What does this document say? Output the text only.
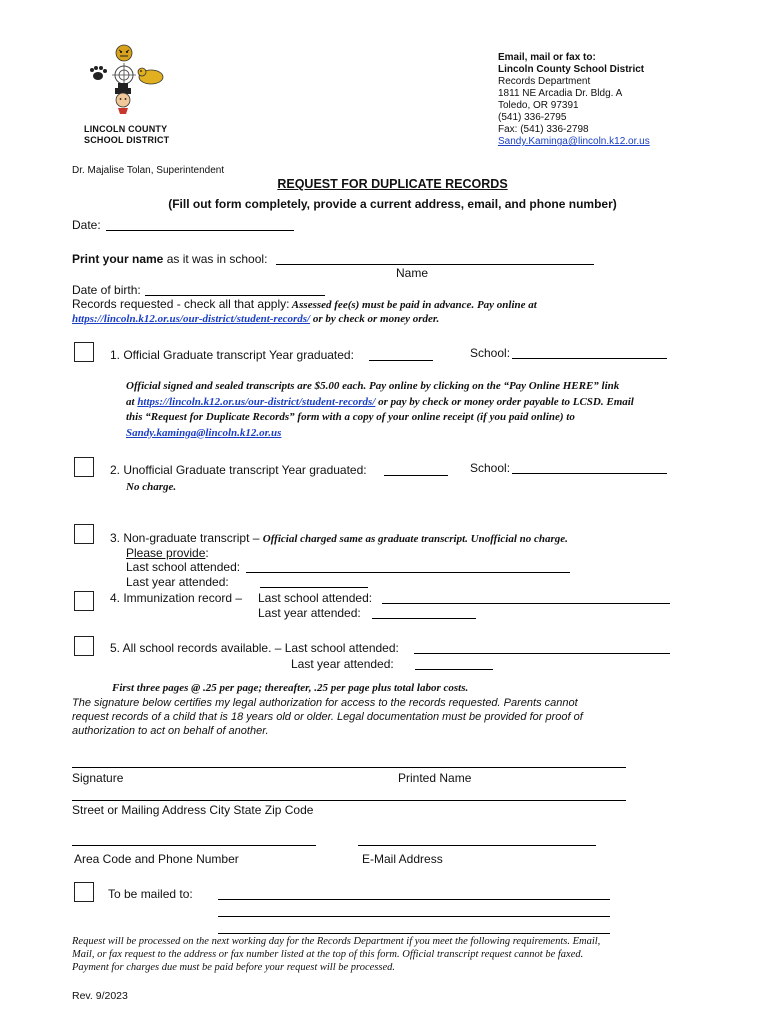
LINCOLN COUNTY
SCHOOL DISTRICT
Email, mail or fax to:
Lincoln County School District
Records Department
1811 NE Arcadia Dr. Bldg. A
Toledo, OR 97391
(541) 336-2795
Fax: (541) 336-2798
Sandy.Kaminga@lincoln.k12.or.us
Dr. Majalise Tolan, Superintendent
REQUEST FOR DUPLICATE RECORDS
(Fill out form completely, provide a current address, email, and phone number)
Date:
Print your name as it was in school:
Name
Date of birth:
Records requested - check all that apply: Assessed fee(s) must be paid in advance. Pay online at
https://lincoln.k12.or.us/our-district/student-records/ or by check or money order.
1. Official Graduate transcript Year graduated:	School:
Official signed and sealed transcripts are $5.00 each. Pay online by clicking on the “Pay Online HERE” link
at https://lincoln.k12.or.us/our-district/student-records/ or pay by check or money order payable to LCSD. Email
this “Request for Duplicate Records” form with a copy of your online receipt (if you paid online) to
Sandy.kaminga@lincoln.k12.or.us
2. Unofficial Graduate transcript Year graduated:	School:
No charge.
3. Non-graduate transcript – Official charged same as graduate transcript. Unofficial no charge.
Please provide:
Last school attended:
Last year attended:
4. Immunization record – Last school attended:
Last year attended:
5. All school records available. – Last school attended:
Last year attended:
First three pages @ .25 per page; thereafter, .25 per page plus total labor costs.
The signature below certifies my legal authorization for access to the records requested. Parents cannot
request records of a child that is 18 years old or older. Legal documentation must be provided for proof of
authorization to act on behalf of another.
Signature	Printed Name
Street or Mailing Address City State Zip Code
Area Code and Phone Number	E-Mail Address
To be mailed to:
Request will be processed on the next working day for the Records Department if you meet the following requirements. Email,
Mail, or fax request to the address or fax number listed at the top of this form. Official transcript request cannot be faxed.
Payment for charges due must be paid before your request will be processed.
Rev. 9/2023
